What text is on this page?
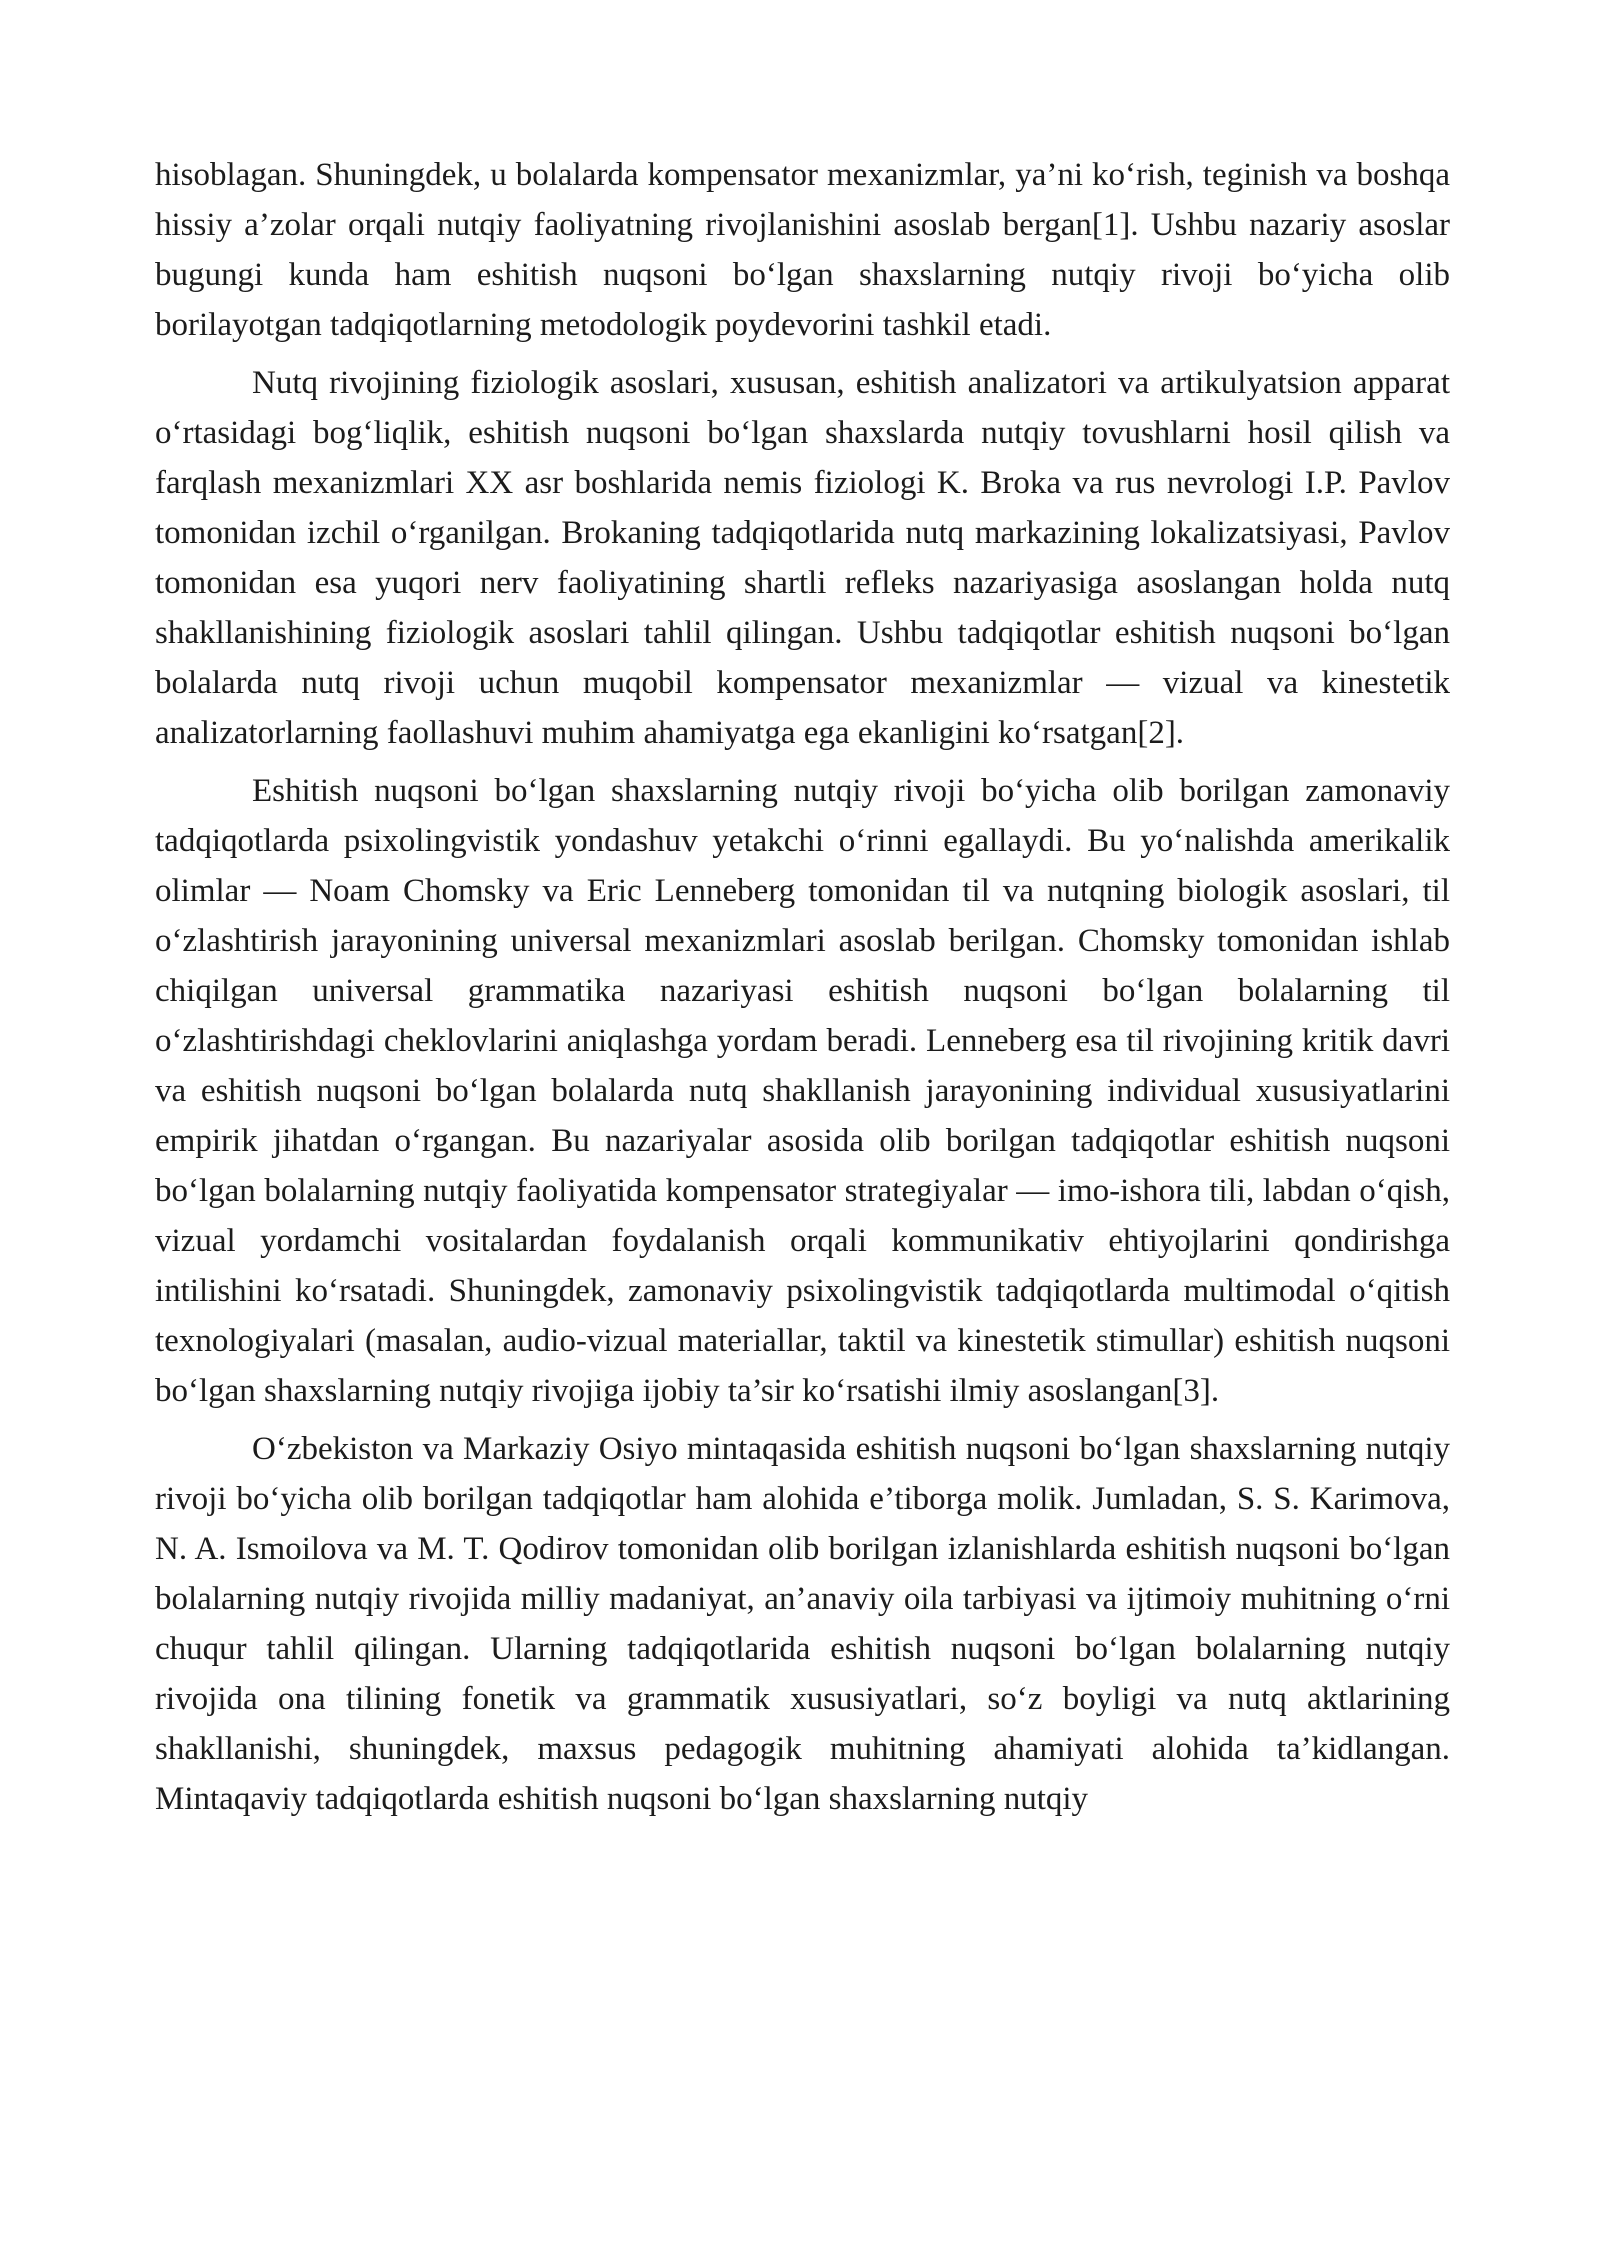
hisoblagan. Shuningdek, u bolalarda kompensator mexanizmlar, ya’ni ko‘rish, teginish va boshqa hissiy a’zolar orqali nutqiy faoliyatning rivojlanishini asoslab bergan[1]. Ushbu nazariy asoslar bugungi kunda ham eshitish nuqsoni bo‘lgan shaxslarning nutqiy rivoji bo‘yicha olib borilayotgan tadqiqotlarning metodologik poydevorini tashkil etadi.

Nutq rivojining fiziologik asoslari, xususan, eshitish analizatori va artikulyatsion apparat o‘rtasidagi bog‘liqlik, eshitish nuqsoni bo‘lgan shaxslarda nutqiy tovushlarni hosil qilish va farqlash mexanizmlari XX asr boshlarida nemis fiziologi K. Broka va rus nevrologi I.P. Pavlov tomonidan izchil o‘rganilgan. Brokaning tadqiqotlarida nutq markazining lokalizatsiyasi, Pavlov tomonidan esa yuqori nerv faoliyatining shartli refleks nazariyasiga asoslangan holda nutq shakllanishining fiziologik asoslari tahlil qilingan. Ushbu tadqiqotlar eshitish nuqsoni bo‘lgan bolalarda nutq rivoji uchun muqobil kompensator mexanizmlar — vizual va kinestetik analizatorlarning faollashuvi muhim ahamiyatga ega ekanligini ko‘rsatgan[2].

Eshitish nuqsoni bo‘lgan shaxslarning nutqiy rivoji bo‘yicha olib borilgan zamonaviy tadqiqotlarda psixolingvistik yondashuv yetakchi o‘rinni egallaydi. Bu yo‘nalishda amerikalik olimlar — Noam Chomsky va Eric Lenneberg tomonidan til va nutqning biologik asoslari, til o‘zlashtirish jarayonining universal mexanizmlari asoslab berilgan. Chomsky tomonidan ishlab chiqilgan universal grammatika nazariyasi eshitish nuqsoni bo‘lgan bolalarning til o‘zlashtirishdagi cheklovlarini aniqlashga yordam beradi. Lenneberg esa til rivojining kritik davri va eshitish nuqsoni bo‘lgan bolalarda nutq shakllanish jarayonining individual xususiyatlarini empirik jihatdan o‘rgangan. Bu nazariyalar asosida olib borilgan tadqiqotlar eshitish nuqsoni bo‘lgan bolalarning nutqiy faoliyatida kompensator strategiyalar — imo-ishora tili, labdan o‘qish, vizual yordamchi vositalardan foydalanish orqali kommunikativ ehtiyojlarini qondirishga intilishini ko‘rsatadi. Shuningdek, zamonaviy psixolingvistik tadqiqotlarda multimodal o‘qitish texnologiyalari (masalan, audio-vizual materiallar, taktil va kinestetik stimullar) eshitish nuqsoni bo‘lgan shaxslarning nutqiy rivojiga ijobiy ta’sir ko‘rsatishi ilmiy asoslangan[3].

O‘zbekiston va Markaziy Osiyo mintaqasida eshitish nuqsoni bo‘lgan shaxslarning nutqiy rivoji bo‘yicha olib borilgan tadqiqotlar ham alohida e’tiborga molik. Jumladan, S. S. Karimova, N. A. Ismoilova va M. T. Qodirov tomonidan olib borilgan izlanishlarda eshitish nuqsoni bo‘lgan bolalarning nutqiy rivojida milliy madaniyat, an’anaviy oila tarbiyasi va ijtimoiy muhitning o‘rni chuqur tahlil qilingan. Ularning tadqiqotlarida eshitish nuqsoni bo‘lgan bolalarning nutqiy rivojida ona tilining fonetik va grammatik xususiyatlari, so‘z boyligi va nutq aktlarining shakllanishi, shuningdek, maxsus pedagogik muhitning ahamiyati alohida ta’kidlangan. Mintaqaviy tadqiqotlarda eshitish nuqsoni bo‘lgan shaxslarning nutqiy
